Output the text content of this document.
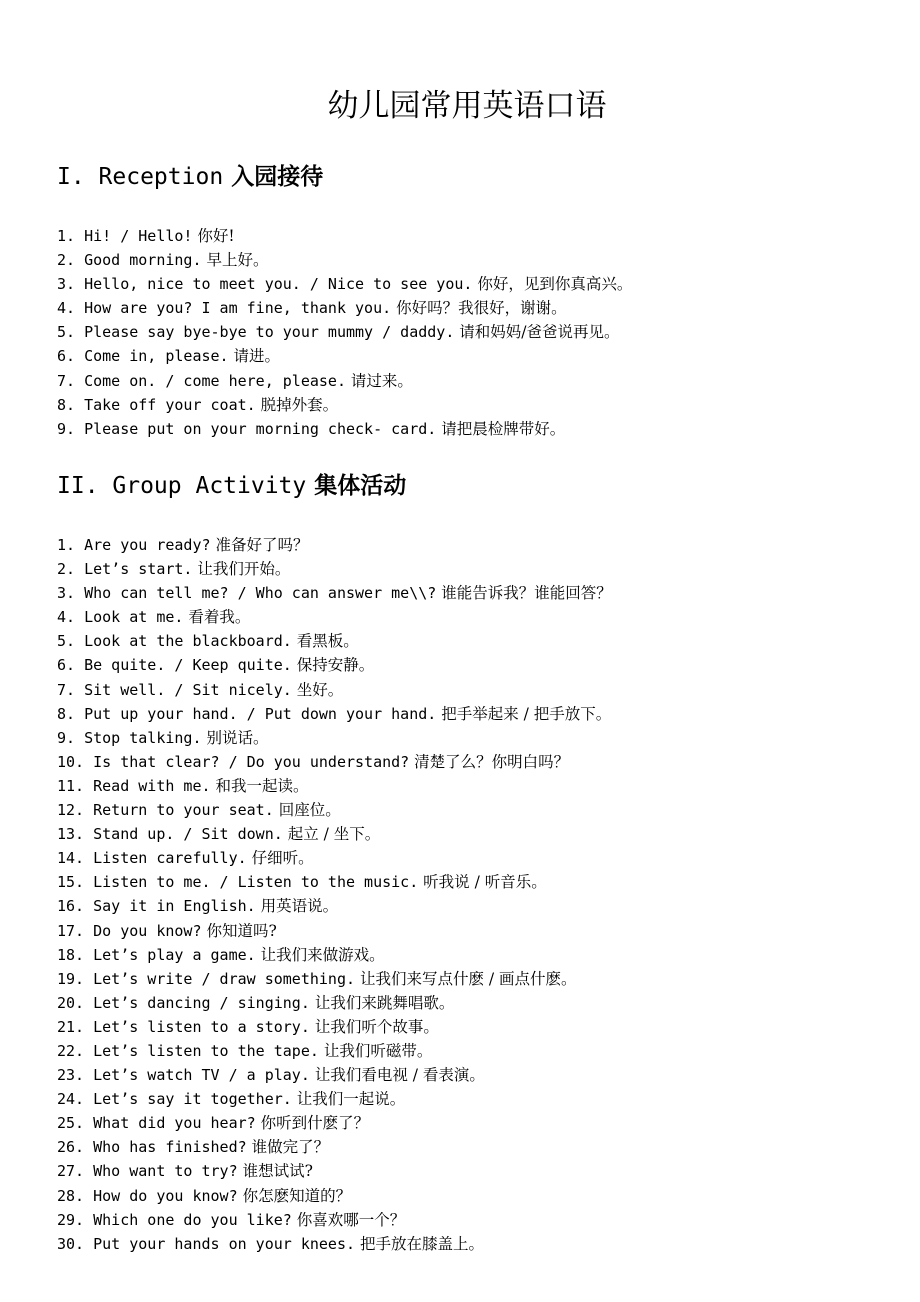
幼儿园常用英语口语
I. Reception 入园接待
1. Hi! / Hello! 你好!
2. Good morning. 早上好。
3. Hello, nice to meet you. / Nice to see you. 你好，见到你真高兴。
4. How are you? I am fine, thank you. 你好吗？我很好，谢谢。
5. Please say bye-bye to your mummy / daddy. 请和妈妈/爸爸说再见。
6. Come in, please. 请进。
7. Come on. / come here, please. 请过来。
8. Take off your coat. 脱掉外套。
9. Please put on your morning check- card. 请把晨检牌带好。
II. Group Activity 集体活动
1. Are you ready? 准备好了吗？
2. Let’s start. 让我们开始。
3. Who can tell me? / Who can answer me\\? 谁能告诉我？谁能回答？
4. Look at me. 看着我。
5. Look at the blackboard. 看黑板。
6. Be quite. / Keep quite. 保持安静。
7. Sit well. / Sit nicely. 坐好。
8. Put up your hand. / Put down your hand. 把手举起来 / 把手放下。
9. Stop talking. 别说话。
10. Is that clear? / Do you understand? 清楚了么？你明白吗？
11. Read with me. 和我一起读。
12. Return to your seat. 回座位。
13. Stand up. / Sit down. 起立 / 坐下。
14. Listen carefully. 仔细听。
15. Listen to me. / Listen to the music. 听我说 / 听音乐。
16. Say it in English. 用英语说。
17. Do you know? 你知道吗?
18. Let’s play a game. 让我们来做游戏。
19. Let’s write / draw something. 让我们来写点什麽 / 画点什麽。
20. Let’s dancing / singing. 让我们来跳舞唱歌。
21. Let’s listen to a story. 让我们听个故事。
22. Let’s listen to the tape. 让我们听磁带。
23. Let’s watch TV / a play. 让我们看电视 / 看表演。
24. Let’s say it together. 让我们一起说。
25. What did you hear? 你听到什麽了？
26. Who has finished? 谁做完了？
27. Who want to try? 谁想试试?
28. How do you know? 你怎麽知道的？
29. Which one do you like? 你喜欢哪一个？
30. Put your hands on your knees. 把手放在膝盖上。
